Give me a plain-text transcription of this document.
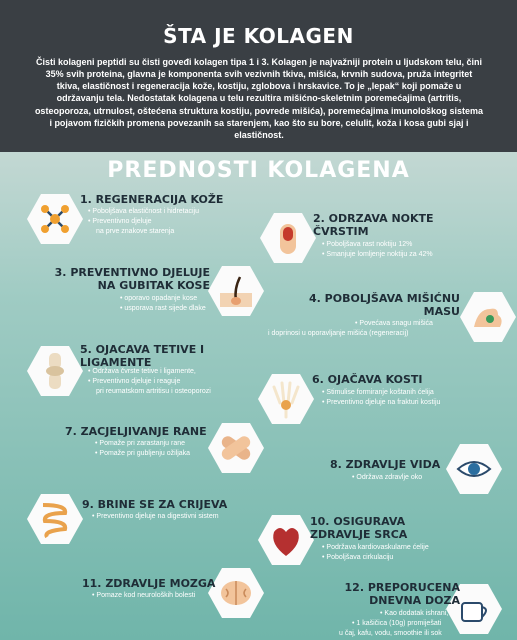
ŠTA JE KOLAGEN

Čisti kolageni peptidi su čisti goveđi kolagen tipa 1 i 3. Kolagen je najvažniji protein u ljudskom telu, čini 35% svih proteina, glavna je komponenta svih vezivnih tkiva, mišića, krvnih sudova, pruža integritet tkiva, elastičnost i regeneracija kože, kostiju, zglobova i hrskavice. To je „lepak“ koji pomaže u održavanju tela. Nedostatak kolagena u telu rezultira mišićno-skeletnim poremećajima (artritis, osteoporoza, utrnulost, oštećena struktura kostiju, povrede mišića), poremećajima imunološkog sistema i pojavom fizičkih promena povezanih sa starenjem, kao što su bore, celulit, koža i kosa gubi sjaj i elastičnost.

PREDNOSTI KOLAGENA
1. REGENERACIJA KOŽE
• Poboljšava elastičnost i hidretaciju
• Preventivno djeluje
na prve znakove starenja
2. ODRZAVA NOKTE ČVRSTIM
• Poboljšava rast noktiju 12%
• Smanjuje lomljenje noktiju za 42%
3. PREVENTIVNO DJELUJE NA GUBITAK KOSE
• oporavo opadanje kose
• usporava rast sijede dlake
4. POBOLJŠAVA MIŠIĆNU MASU
• Povećava snagu mišića
i doprinosi u oporavljanje mišića (regeneracij)
5. OJACAVA TETIVE I LIGAMENTE
• Održava čvrste tetive i ligamente,
• Preventivno djeluje i reaguje
pri reumatskom artritisu i osteoporozi
6. OJAČAVA KOSTI
• Stimulise formiranje koštanih ćelija
• Preventivno djeluje na frakturi kostiju
7. ZACJELJIVANJE RANE
• Pomaže pri zarastanju rane
• Pomaže pri gubljenju ožiljaka
8. ZDRAVLJE VIDA
• Održava zdravlje oko
9. BRINE SE ZA CRIJEVA
• Preventivno djeluje na digestivni sistem	10. OSIGURAVA ZDRAVLJE SRCA
• Podržava kardiovaskularne ćelije
• Poboljšava cirkulaciju
11. ZDRAVLJE MOZGA
• Pomaze kod neuroloških bolesti
12. PREPORUCENA DNEVNA DOZA
• Kao dodatak ishrani,
• 1 kašičica (10g) promiješati
u čaj, kafu, vodu, smoothie ili sok
